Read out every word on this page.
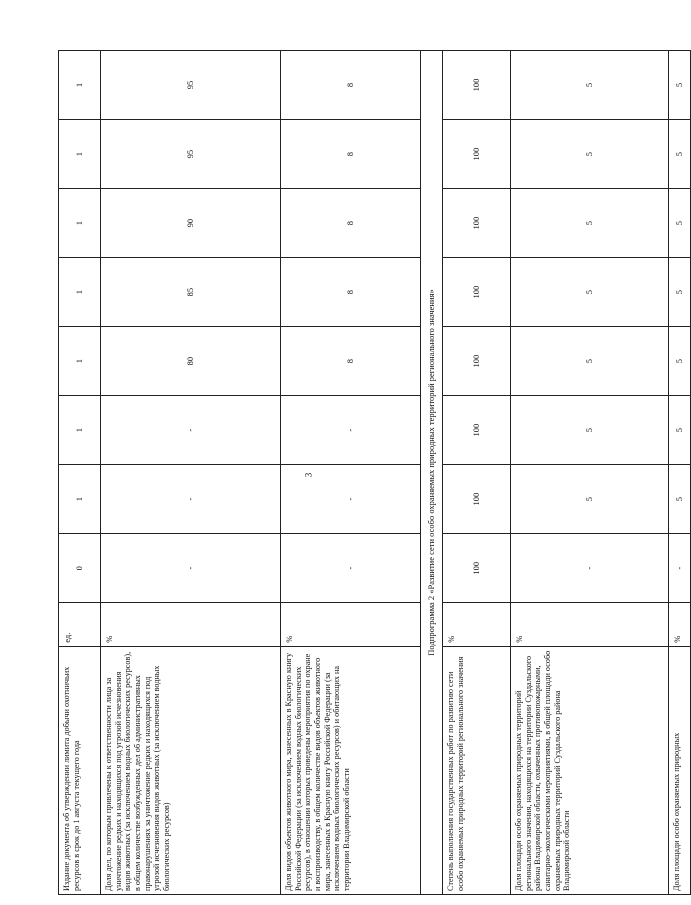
3
Издание документа об утверждении лимита добычи охотничьих ресурсов в срок до 1 августа текущего года	ед.	0	1	1	1	1	1	1	1
Доля дел, по которым привлечены к ответственности лица за уничтожение редких и находящихся под угрозой исчезновения видов животных (за исключением водных биологических ресурсов), в общем количестве возбужденных дел об административных правонарушениях за уничтожение редких и находящихся под угрозой исчезновения видов животных (за исключением водных биологических ресурсов)	%	-	-	-	80	85	90	95	95
Доля видов объектов животного мира, занесенных в Красную книгу Российской Федерации (за исключением водных биологических ресурсов), в отношении которых проведены мероприятия по охране и воспроизводству, в общем количестве видов объектов животного мира, занесенных в Красную книгу Российской Федерации (за исключением водных биологических ресурсов) и обитающих на территории Владимирской области	%	-	-	-	8	8	8	8	8
Подпрограмма 2 «Развитие сети особо охраняемых природных территорий регионального значения»									
Степень выполнения государственных работ по развитию сети особо охраняемых природных территорий регионального значения	%	100	100	100	100	100	100	100	100
Доля площади особо охраняемых природных территорий регионального значения, находящихся на территории Суздальского района Владимирской области, охваченных противопожарными, санитарно-экологическими мероприятиями, в общей площади особо охраняемых природных территорий Суздальского района Владимирской области	%	-	5	5	5	5	5	5	5
Доля площади особо охраняемых природных	%	-	5	5	5	5	5	5	5
